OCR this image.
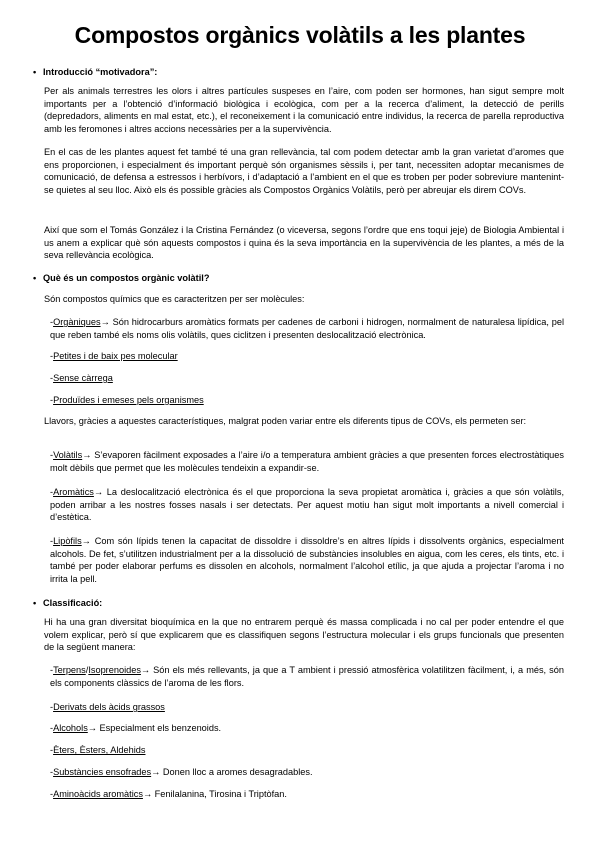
Compostos orgànics volàtils a les plantes
• Introducció “motivadora”:

Per als animals terrestres les olors i altres partícules suspeses en l’aire, com poden ser hormones, han sigut sempre molt importants per a l’obtenció d’informació biològica i ecològica, com per a la recerca d’aliment, la detecció de perills (depredadors, aliments en mal estat, etc.), el reconeixement i la comunicació entre individus, la recerca de parella reproductiva amb les feromones i altres accions necessàries per a la supervivència.

En el cas de les plantes aquest fet també té una gran rellevància, tal com podem detectar amb la gran varietat d’aromes que ens proporcionen, i especialment és important perquè són organismes sèssils i, per tant, necessiten adoptar mecanismes de comunicació, de defensa a estressos i herbívors, i d’adaptació a l’ambient en el que es troben per poder sobreviure mantenint-se quietes al seu lloc. Això els és possible gràcies als Compostos Orgànics Volàtils, però per abreujar els direm COVs.

Així que som el Tomás González i la Cristina Fernández (o viceversa, segons l’ordre que ens toqui jeje) de Biologia Ambiental i us anem a explicar què són aquests compostos i quina és la seva importància en la supervivència de les plantes, a més de la seva rellevància ecològica.

• Què és un compostos orgànic volàtil?

Són compostos químics que es caracteritzen per ser molècules:

-Orgàniques→ Són hidrocarburs aromàtics formats per cadenes de carboni i hidrogen, normalment de naturalesa lipídica, pel que reben també els noms olis volàtils, ques ciclitzen i presenten deslocalització electrònica.

-Petites i de baix pes molecular

-Sense càrrega

-Produïdes i emeses pels organismes

Llavors, gràcies a aquestes característiques, malgrat poden variar entre els diferents tipus de COVs, els permeten ser:

-Volàtils→ S’evaporen fàcilment exposades a l’aire i/o a temperatura ambient gràcies a que presenten forces electrostàtiques molt dèbils que permet que les molècules tendeixin a expandir-se.

-Aromàtics→ La deslocalització electrònica és el que proporciona la seva propietat aromàtica i, gràcies a que són volàtils, poden arribar a les nostres fosses nasals i ser detectats. Per aquest motiu han sigut molt importants a nivell comercial i d’estètica.

-Lipòfils→ Com són lípids tenen la capacitat de dissoldre i dissoldre’s en altres lípids i dissolvents orgànics, especialment alcohols. De fet, s’utilitzen industrialment per a la dissolució de substàncies insolubles en aigua, com les ceres, els tints, etc. i també per poder elaborar perfums es dissolen en alcohols, normalment l’alcohol etílic, ja que ajuda a projectar l’aroma i no irrita la pell.

• Classificació:

Hi ha una gran diversitat bioquímica en la que no entrarem perquè és massa complicada i no cal per poder entendre el que volem explicar, però sí que explicarem que es classifiquen segons l’estructura molecular i els grups funcionals que presenten de la següent manera:

-Terpens/Isoprenoides→ Són els més rellevants, ja que a T ambient i pressió atmosfèrica volatilitzen fàcilment, i, a més, són els components clàssics de l’aroma de les flors.

-Derivats dels àcids grassos

-Alcohols→ Especialment els benzenoids.

-Èters, Èsters, Aldehids

-Substàncies ensofrades→ Donen lloc a aromes desagradables.

-Aminoàcids aromàtics→ Fenilalanina, Tirosina i Triptòfan.
